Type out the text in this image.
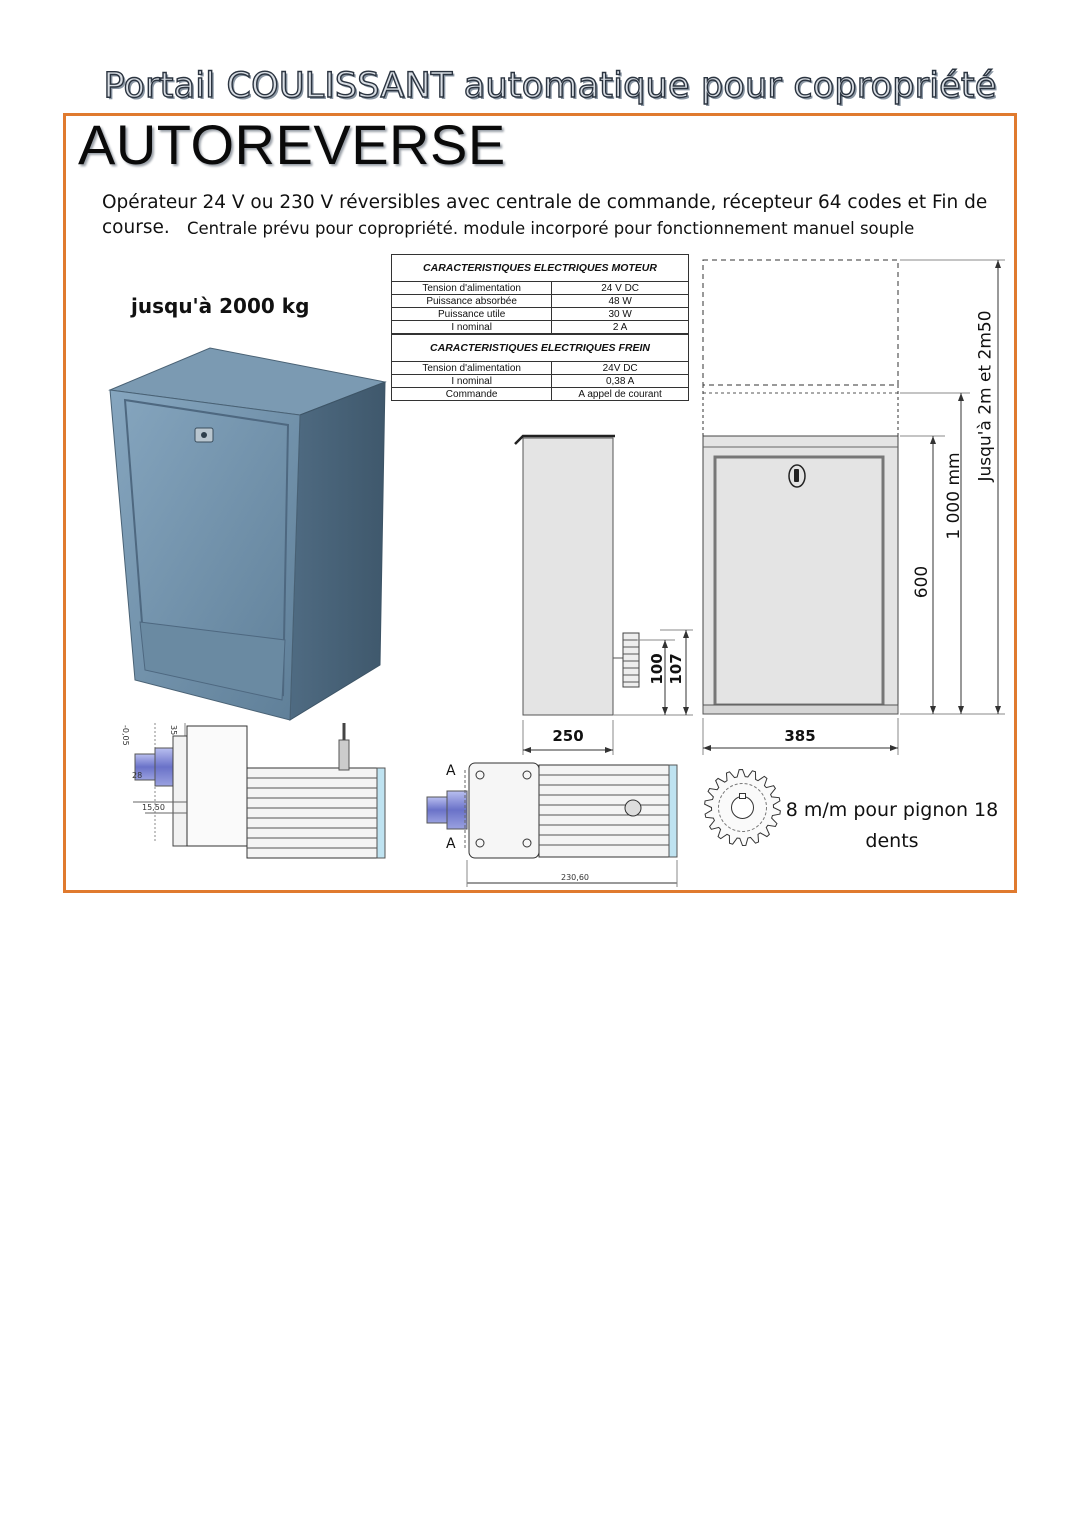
Portail COULISSANT automatique pour copropriété
AUTOREVERSE
Opérateur 24 V ou 230 V réversibles avec centrale de commande, récepteur 64 codes et Fin de
course. Centrale prévu pour copropriété. module incorporé pour fonctionnement manuel souple
jusqu'à 2000 kg
CARACTERISTIQUES ELECTRIQUES MOTEUR	
Tension d'alimentation	24 V DC
Puissance absorbée	48 W
Puissance utile	30 W
I nominal	2 A
CARACTERISTIQUES ELECTRIQUES FREIN	
Tension d'alimentation	24V DC
I nominal	0,38 A
Commande	A appel de courant
100 107
250
600
1 000 mm
Jusqu'à 2m et 2m50
385
28
15,50
-0,05	35
A
A
230,60
8 m/m pour pignon 18 dents
